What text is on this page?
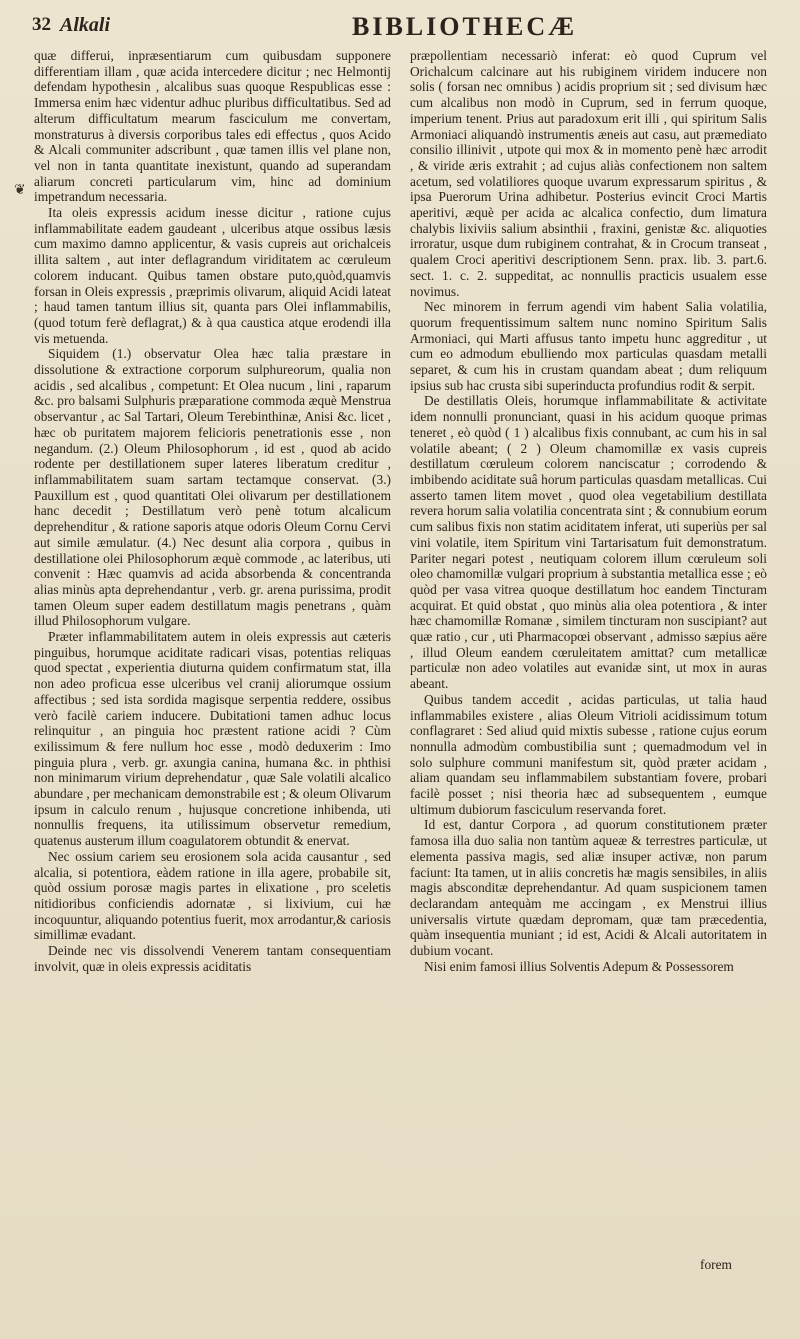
32 Alkali	BIBLIOTHECÆ
❦

quæ differui, inpræsentiarum cum quibusdam supponere differentiam illam , quæ acida intercedere dicitur ; nec Helmontij defendam hypothesin , alcalibus suas quoque Respublicas esse : Immersa enim hæc videntur adhuc pluribus difficultatibus. Sed ad alterum difficultatum mearum fasciculum me convertam, monstraturus à diversis corporibus tales edi effectus , quos Acido & Alcali communiter adscribunt , quæ tamen illis vel plane non, vel non in tanta quantitate inexistunt, quando ad superandam aliarum concreti particularum vim, hinc ad dominium impetrandum necessaria.

Ita oleis expressis acidum inesse dicitur , ratione cujus inflammabilitate eadem gaudeant , ulceribus atque ossibus læsis cum maximo damno applicentur, & vasis cupreis aut orichalceis illita saltem , aut inter deflagrandum viriditatem ac cœruleum colorem inducant. Quibus tamen obstare puto,quòd,quamvis forsan in Oleis expressis , præprimis olivarum, aliquid Acidi lateat ; haud tamen tantum illius sit, quanta pars Olei inflammabilis, (quod totum ferè deflagrat,) & à qua caustica atque erodendi illa vis metuenda.

Siquidem (1.) observatur Olea hæc talia præstare in dissolutione & extractione corporum sulphureorum, qualia non acidis , sed alcalibus , competunt: Et Olea nucum , lini , raparum &c. pro balsami Sulphuris præparatione commoda æquè Menstrua observantur , ac Sal Tartari, Oleum Terebinthinæ, Anisi &c. licet , hæc ob puritatem majorem felicioris penetrationis esse , non negandum. (2.) Oleum Philosophorum , id est , quod ab acido rodente per destillationem super lateres liberatum creditur , inflammabilitatem suam sartam tectamque conservat. (3.) Pauxillum est , quod quantitati Olei olivarum per destillationem hanc decedit ; Destillatum verò penè totum alcalicum deprehenditur , & ratione saporis atque odoris Oleum Cornu Cervi aut simile æmulatur. (4.) Nec desunt alia corpora , quibus in destillatione olei Philosophorum æquè commode , ac lateribus, uti convenit : Hæc quamvis ad acida absorbenda & concentranda alias minùs apta deprehendantur , verb. gr. arena purissima, prodit tamen Oleum super eadem destillatum magis penetrans , quàm illud Philosophorum vulgare.

Præter inflammabilitatem autem in oleis expressis aut cæteris pinguibus, horumque aciditate radicari visas, potentias reliquas quod spectat , experientia diuturna quidem confirmatum stat, illa non adeo proficua esse ulceribus vel cranij aliorumque ossium affectibus ; sed ista sordida magisque serpentia reddere, ossibus verò facilè cariem inducere. Dubitationi tamen adhuc locus relinquitur , an pinguia hoc præstent ratione acidi ? Cùm exilissimum & fere nullum hoc esse , modò deduxerim : Imo pinguia plura , verb. gr. axungia canina, humana &c. in phthisi non minimarum virium deprehendatur , quæ Sale volatili alcalico abundare , per mechanicam demonstrabile est ; & oleum Olivarum ipsum in calculo renum , hujusque concretione inhibenda, uti nonnullis frequens, ita utilissimum observetur remedium, quatenus austerum illum coagulatorem obtundit & enervat.

Nec ossium cariem seu erosionem sola acida causantur , sed alcalia, si potentiora, eàdem ratione in illa agere, probabile sit, quòd ossium porosæ magis partes in elixatione , pro sceletis nitidioribus conficiendis adornatæ , si lixivium, cui hæ incoquuntur, aliquando potentius fuerit, mox arrodantur,& cariosis simillimæ evadant.

Deinde nec vis dissolvendi Venerem tantam consequentiam involvit, quæ in oleis expressis aciditatis

præpollentiam necessariò inferat: eò quod Cuprum vel Orichalcum calcinare aut his rubiginem viridem inducere non solis ( forsan nec omnibus ) acidis proprium sit ; sed divisum hæc cum alcalibus non modò in Cuprum, sed in ferrum quoque, imperium tenent. Prius aut paradoxum erit illi , qui spiritum Salis Armoniaci aliquandò instrumentis æneis aut casu, aut præmediato consilio illinivit , utpote qui mox & in momento penè hæc arrodit , & viride æris extrahit ; ad cujus aliàs confectionem non saltem acetum, sed volatiliores quoque uvarum expressarum spiritus , & ipsa Puerorum Urina adhibetur. Posterius evincit Croci Martis aperitivi, æquè per acida ac alcalica confectio, dum limatura chalybis lixiviis salium absinthii , fraxini, genistæ &c. aliquoties irroratur, usque dum rubiginem contrahat, & in Crocum transeat , qualem Croci aperitivi descriptionem Senn. prax. lib. 3. part.6. sect. 1. c. 2. suppeditat, ac nonnullis practicis usualem esse novimus.

Nec minorem in ferrum agendi vim habent Salia volatilia, quorum frequentissimum saltem nunc nomino Spiritum Salis Armoniaci, qui Marti affusus tanto impetu hunc aggreditur , ut cum eo admodum ebulliendo mox particulas quasdam metalli separet, & cum his in crustam quandam abeat ; dum reliquum ipsius sub hac crusta sibi superinducta profundius rodit & serpit.

De destillatis Oleis, horumque inflammabilitate & activitate idem nonnulli pronunciant, quasi in his acidum quoque primas teneret , eò quòd ( 1 ) alcalibus fixis connubant, ac cum his in sal volatile abeant; ( 2 ) Oleum chamomillæ ex vasis cupreis destillatum cœruleum colorem nanciscatur ; corrodendo & imbibendo aciditate suâ horum particulas quasdam metallicas. Cui asserto tamen litem movet , quod olea vegetabilium destillata revera horum salia volatilia concentrata sint ; & connubium eorum cum salibus fixis non statim aciditatem inferat, uti superiùs per sal vini volatile, item Spiritum vini Tartarisatum fuit demonstratum. Pariter negari potest , neutiquam colorem illum cœruleum soli oleo chamomillæ vulgari proprium à substantia metallica esse ; eò quòd per vasa vitrea quoque destillatum hoc eandem Tincturam acquirat. Et quid obstat , quo minùs alia olea potentiora , & inter hæc chamomillæ Romanæ , similem tincturam non suscipiant? aut quæ ratio , cur , uti Pharmacopœi observant , admisso sæpius aëre , illud Oleum eandem cœruleitatem amittat? cum metallicæ particulæ non adeo volatiles aut evanidæ sint, ut mox in auras abeant.

Quibus tandem accedit , acidas particulas, ut talia haud inflammabiles existere , alias Oleum Vitrioli acidissimum totum conflagraret : Sed aliud quid mixtis subesse , ratione cujus eorum nonnulla admodùm combustibilia sunt ; quemadmodum vel in solo sulphure communi manifestum sit, quòd præter acidam , aliam quandam seu inflammabilem substantiam fovere, probari facilè posset ; nisi theoria hæc ad subsequentem , eumque ultimum dubiorum fasciculum reservanda foret.

Id est, dantur Corpora , ad quorum constitutionem præter famosa illa duo salia non tantùm aqueæ & terrestres particulæ, ut elementa passiva magis, sed aliæ insuper activæ, non parum faciunt: Ita tamen, ut in aliis concretis hæ magis sensibiles, in aliis magis absconditæ deprehendantur. Ad quam suspicionem tamen declarandam antequàm me accingam , ex Menstrui illius universalis virtute quædam depromam, quæ tam præcedentia, quàm insequentia muniant ; id est, Acidi & Alcali autoritatem in dubium vocant.

Nisi enim famosi illius Solventis Adepum & Possessorem

forem
